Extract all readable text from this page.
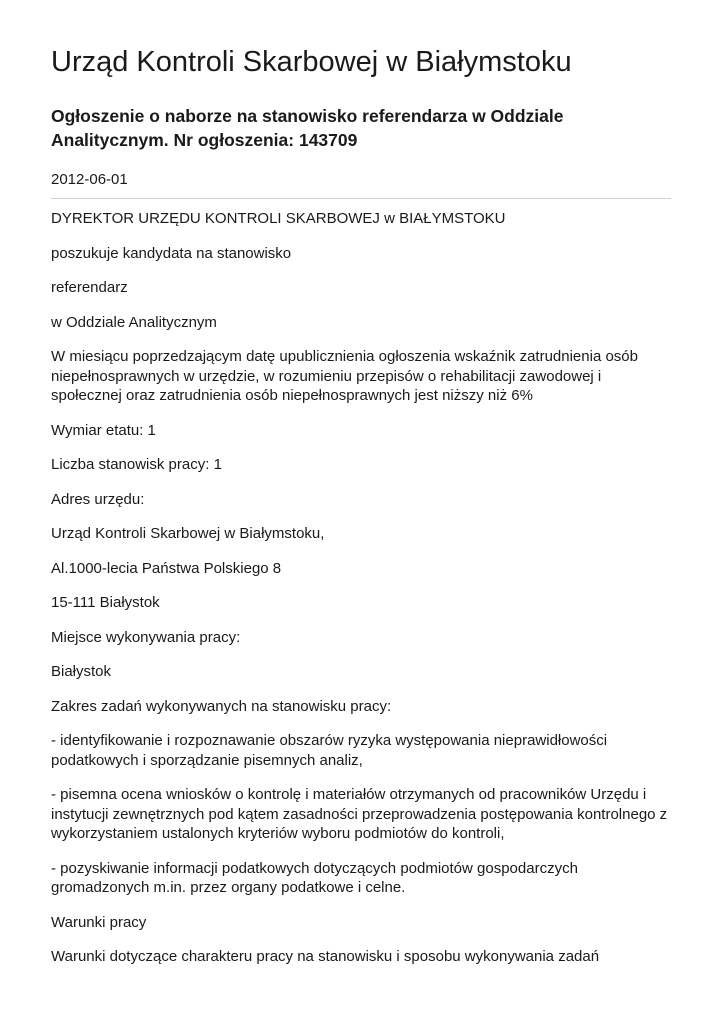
Urząd Kontroli Skarbowej w Białymstoku
Ogłoszenie o naborze na stanowisko referendarza w Oddziale Analitycznym. Nr ogłoszenia: 143709
2012-06-01

DYREKTOR URZĘDU KONTROLI SKARBOWEJ w BIAŁYMSTOKU

poszukuje kandydata na stanowisko

referendarz

w Oddziale Analitycznym

W miesiącu poprzedzającym datę upublicznienia ogłoszenia wskaźnik zatrudnienia osób niepełnosprawnych w urzędzie, w rozumieniu przepisów o rehabilitacji zawodowej i społecznej oraz zatrudnienia osób niepełnosprawnych jest niższy niż 6%

Wymiar etatu: 1

Liczba stanowisk pracy: 1

Adres urzędu:

Urząd Kontroli Skarbowej w Białymstoku,

Al.1000-lecia Państwa Polskiego 8

15-111 Białystok

Miejsce wykonywania pracy:

Białystok

Zakres zadań wykonywanych na stanowisku pracy:

- identyfikowanie i rozpoznawanie obszarów ryzyka występowania nieprawidłowości podatkowych i sporządzanie pisemnych analiz,

- pisemna ocena wniosków o kontrolę i materiałów otrzymanych od pracowników Urzędu i instytucji zewnętrznych pod kątem zasadności przeprowadzenia postępowania kontrolnego z wykorzystaniem ustalonych kryteriów wyboru podmiotów do kontroli,

- pozyskiwanie informacji podatkowych dotyczących podmiotów gospodarczych gromadzonych m.in. przez organy podatkowe i celne.

Warunki pracy

Warunki dotyczące charakteru pracy na stanowisku i sposobu wykonywania zadań
